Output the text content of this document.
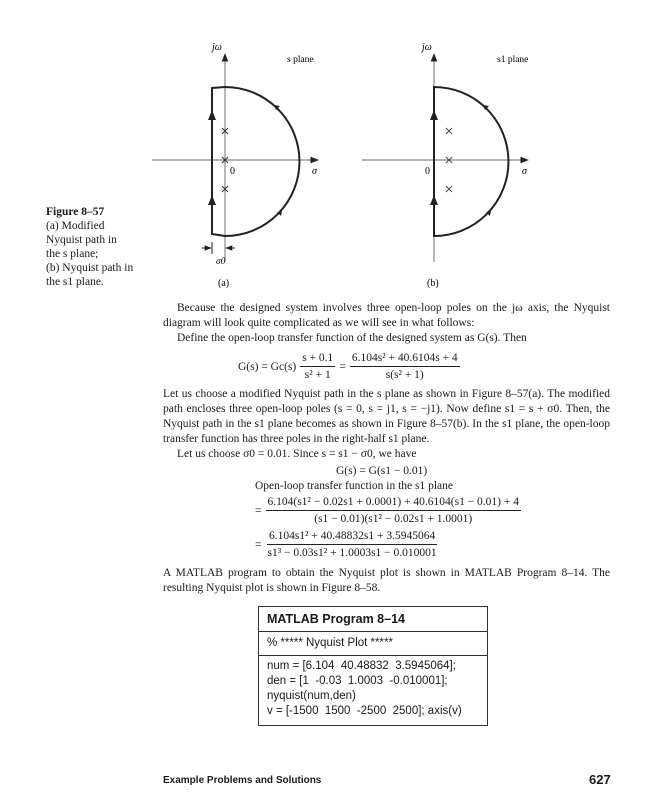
jω
s plane
0	σ
σ0
(a)
jω
s1 plane
0	σ
(b)
Figure 8–57
(a) Modified
Nyquist path in
the s plane;
(b) Nyquist path in
the s1 plane.

Because the designed system involves three open-loop poles on the jω axis, the Nyquist diagram will look quite complicated as we will see in what follows:

Define the open-loop transfer function of the designed system as G(s). Then

$G(s) = Gc(s) \frac{s + 0.1}{\text{s² + 1}} = \frac{\text{6.104s² + 40.6104s + 4}}{\text{s(s² + 1)}}$

Let us choose a modified Nyquist path in the s plane as shown in Figure 8–57(a). The modified path encloses three open-loop poles (s = 0, s = j1, s = −j1). Now define s1 = s + σ0. Then, the Nyquist path in the s1 plane becomes as shown in Figure 8–57(b). In the s1 plane, the open-loop transfer function has three poles in the right-half s1 plane.

Let us choose σ0 = 0.01. Since s = s1 − σ0, we have

G(s) = G(s1 − 0.01)
Open-loop transfer function in the s1 plane
= $\frac{\text{6.104(s1² − 0.02s1 + 0.0001) + 40.6104(s1 − 0.01) + 4}}{\text{(s1 − 0.01)(s1² − 0.02s1 + 1.0001)}}$
= $\frac{\text{6.104s1² + 40.48832s1 + 3.5945064}}{\text{s1³ − 0.03s1² + 1.0003s1 − 0.010001}}$

A MATLAB program to obtain the Nyquist plot is shown in MATLAB Program 8–14. The resulting Nyquist plot is shown in Figure 8–58.

MATLAB Program 8–14
% ***** Nyquist Plot *****
num = [6.104  40.48832  3.5945064];
den = [1  -0.03  1.0003  -0.010001];
nyquist(num,den)
v = [-1500  1500  -2500  2500]; axis(v)
Example Problems and Solutions	627
